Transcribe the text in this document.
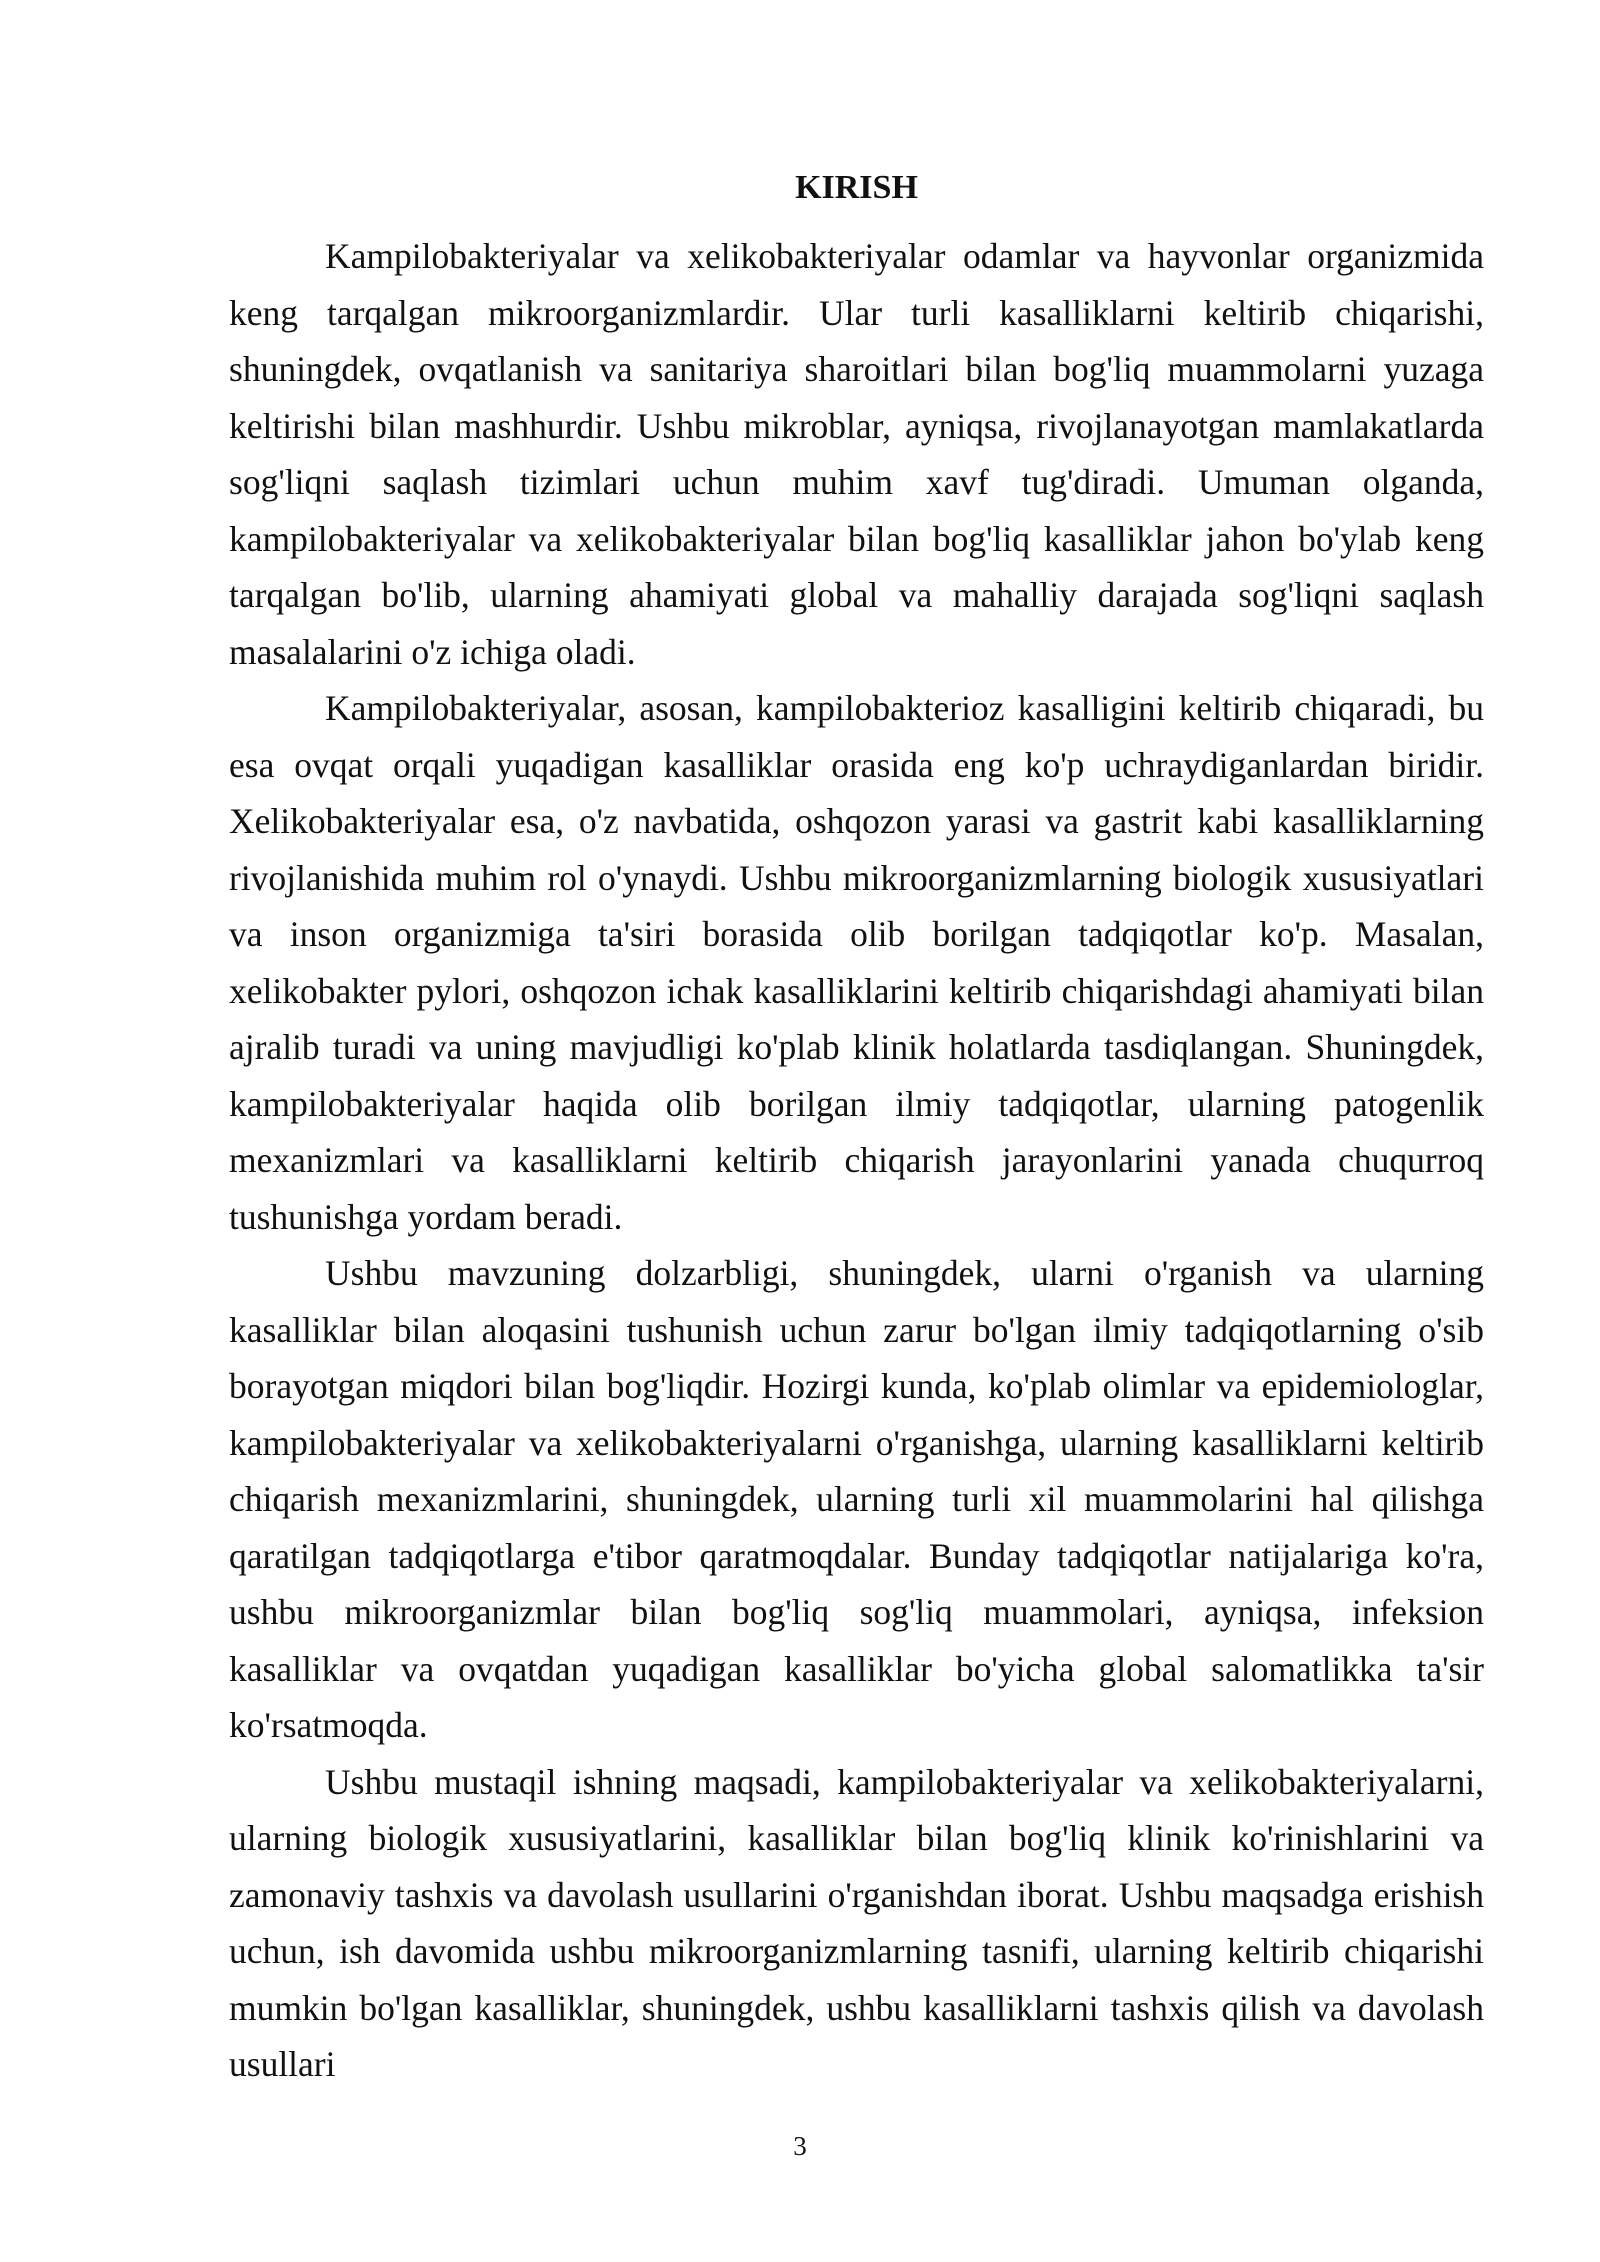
KIRISH

Kampilobakteriyalar va xelikobakteriyalar odamlar va hayvonlar organizmida keng tarqalgan mikroorganizmlardir. Ular turli kasalliklarni keltirib chiqarishi, shuningdek, ovqatlanish va sanitariya sharoitlari bilan bog'liq muammolarni yuzaga keltirishi bilan mashhurdir. Ushbu mikroblar, ayniqsa, rivojlanayotgan mamlakatlarda sog'liqni saqlash tizimlari uchun muhim xavf tug'diradi. Umuman olganda, kampilobakteriyalar va xelikobakteriyalar bilan bog'liq kasalliklar jahon bo'ylab keng tarqalgan bo'lib, ularning ahamiyati global va mahalliy darajada sog'liqni saqlash masalalarini o'z ichiga oladi.

Kampilobakteriyalar, asosan, kampilobakterioz kasalligini keltirib chiqaradi, bu esa ovqat orqali yuqadigan kasalliklar orasida eng ko'p uchraydiganlardan biridir. Xelikobakteriyalar esa, o'z navbatida, oshqozon yarasi va gastrit kabi kasalliklarning rivojlanishida muhim rol o'ynaydi. Ushbu mikroorganizmlarning biologik xususiyatlari va inson organizmiga ta'siri borasida olib borilgan tadqiqotlar ko'p. Masalan, xelikobakter pylori, oshqozon ichak kasalliklarini keltirib chiqarishdagi ahamiyati bilan ajralib turadi va uning mavjudligi ko'plab klinik holatlarda tasdiqlangan. Shuningdek, kampilobakteriyalar haqida olib borilgan ilmiy tadqiqotlar, ularning patogenlik mexanizmlari va kasalliklarni keltirib chiqarish jarayonlarini yanada chuqurroq tushunishga yordam beradi.

Ushbu mavzuning dolzarbligi, shuningdek, ularni o'rganish va ularning kasalliklar bilan aloqasini tushunish uchun zarur bo'lgan ilmiy tadqiqotlarning o'sib borayotgan miqdori bilan bog'liqdir. Hozirgi kunda, ko'plab olimlar va epidemiologlar, kampilobakteriyalar va xelikobakteriyalarni o'rganishga, ularning kasalliklarni keltirib chiqarish mexanizmlarini, shuningdek, ularning turli xil muammolarini hal qilishga qaratilgan tadqiqotlarga e'tibor qaratmoqdalar. Bunday tadqiqotlar natijalariga ko'ra, ushbu mikroorganizmlar bilan bog'liq sog'liq muammolari, ayniqsa, infeksion kasalliklar va ovqatdan yuqadigan kasalliklar bo'yicha global salomatlikka ta'sir ko'rsatmoqda.

Ushbu mustaqil ishning maqsadi, kampilobakteriyalar va xelikobakteriyalarni, ularning biologik xususiyatlarini, kasalliklar bilan bog'liq klinik ko'rinishlarini va zamonaviy tashxis va davolash usullarini o'rganishdan iborat. Ushbu maqsadga erishish uchun, ish davomida ushbu mikroorganizmlarning tasnifi, ularning keltirib chiqarishi mumkin bo'lgan kasalliklar, shuningdek, ushbu kasalliklarni tashxis qilish va davolash usullari

3
